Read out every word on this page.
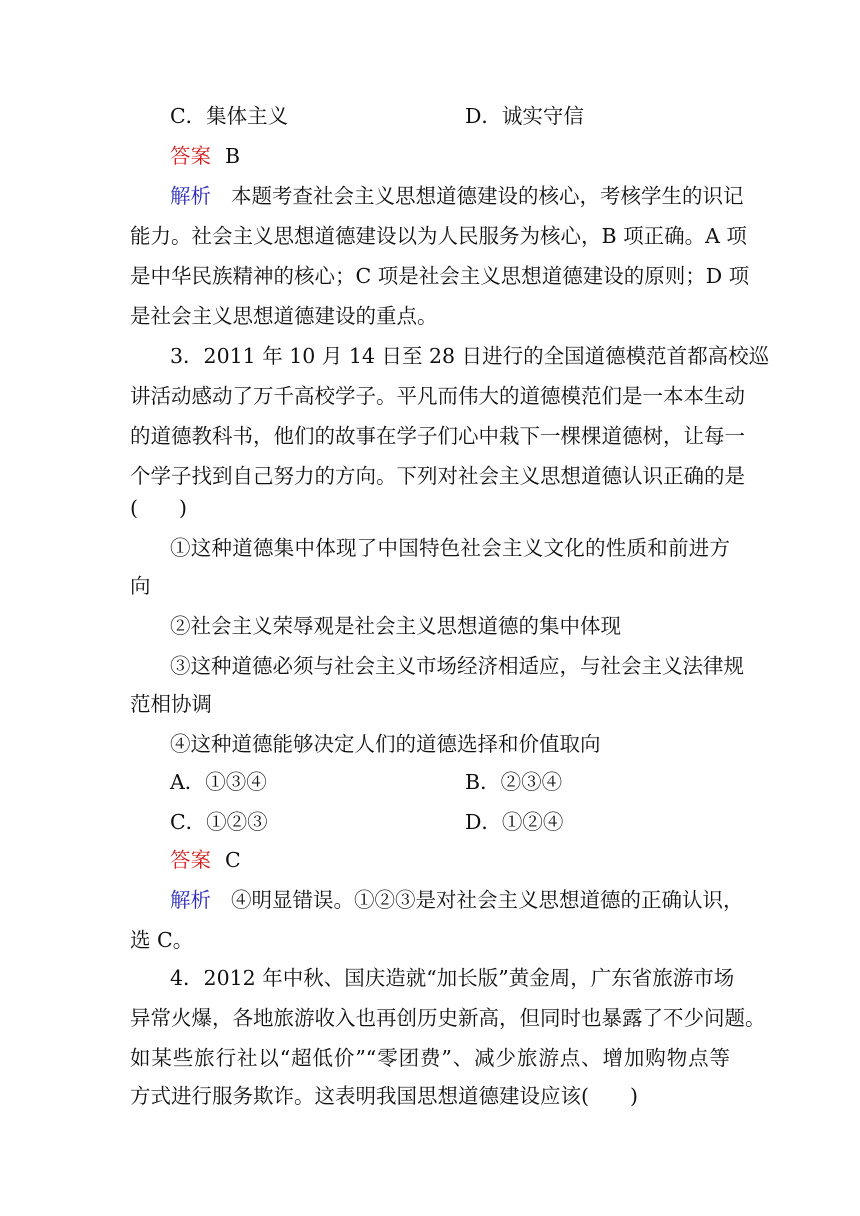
C．集体主义	D．诚实守信
答案 B
解析 本题考查社会主义思想道德建设的核心，考核学生的识记
能力。社会主义思想道德建设以为人民服务为核心，B 项正确。A 项
是中华民族精神的核心；C 项是社会主义思想道德建设的原则；D 项
是社会主义思想道德建设的重点。
3．2011 年 10 月 14 日至 28 日进行的全国道德模范首都高校巡
讲活动感动了万千高校学子。平凡而伟大的道德模范们是一本本生动
的道德教科书，他们的故事在学子们心中栽下一棵棵道德树，让每一
个学子找到自己努力的方向。下列对社会主义思想道德认识正确的是
(　　)
①这种道德集中体现了中国特色社会主义文化的性质和前进方
向
②社会主义荣辱观是社会主义思想道德的集中体现
③这种道德必须与社会主义市场经济相适应，与社会主义法律规
范相协调
④这种道德能够决定人们的道德选择和价值取向
A．①③④	B．②③④
C．①②③	D．①②④
答案 C
解析 ④明显错误。①②③是对社会主义思想道德的正确认识，
选 C。
4．2012 年中秋、国庆造就“加长版”黄金周，广东省旅游市场
异常火爆，各地旅游收入也再创历史新高，但同时也暴露了不少问题。
如某些旅行社以“超低价”“零团费”、减少旅游点、增加购物点等
方式进行服务欺诈。这表明我国思想道德建设应该(　　)
